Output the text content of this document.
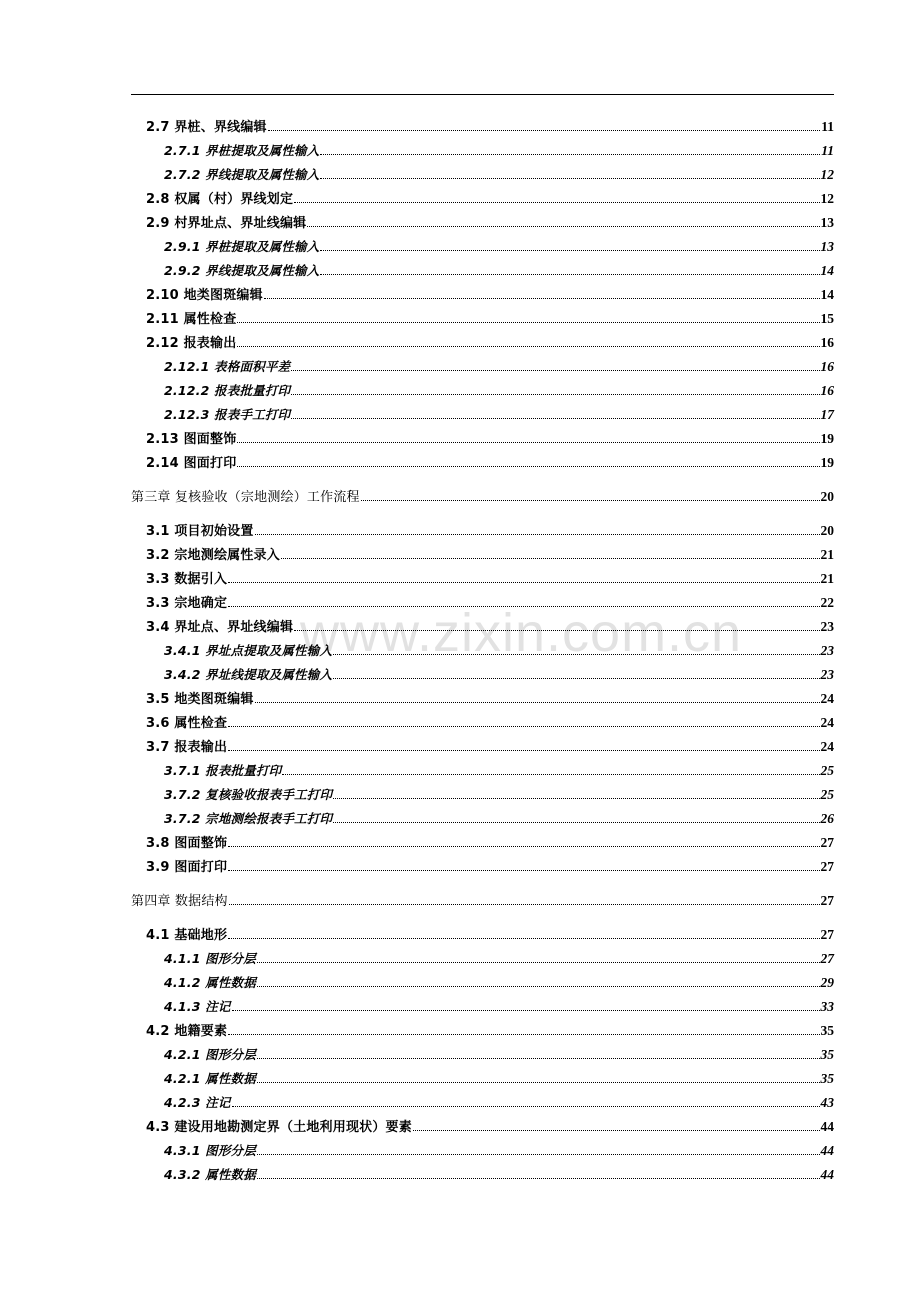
www.zixin.com.cn
2.7 界桩、界线编辑	11
2.7.1 界桩提取及属性输入	11
2.7.2 界线提取及属性输入	12
2.8 权属（村）界线划定	12
2.9 村界址点、界址线编辑	13
2.9.1 界桩提取及属性输入	13
2.9.2 界线提取及属性输入	14
2.10 地类图斑编辑	14
2.11 属性检查	15
2.12 报表输出	16
2.12.1 表格面积平差	16
2.12.2 报表批量打印	16
2.12.3 报表手工打印	17
2.13 图面整饰	19
2.14 图面打印	19
第三章 复核验收（宗地测绘）工作流程	20
3.1 项目初始设置	20
3.2 宗地测绘属性录入	21
3.3 数据引入	21
3.3 宗地确定	22
3.4 界址点、界址线编辑	23
3.4.1 界址点提取及属性输入	23
3.4.2 界址线提取及属性输入	23
3.5 地类图斑编辑	24
3.6 属性检查	24
3.7 报表输出	24
3.7.1 报表批量打印	25
3.7.2 复核验收报表手工打印	25
3.7.2 宗地测绘报表手工打印	26
3.8 图面整饰	27
3.9 图面打印	27
第四章 数据结构	27
4.1 基础地形	27
4.1.1 图形分层	27
4.1.2 属性数据	29
4.1.3 注记	33
4.2 地籍要素	35
4.2.1 图形分层	35
4.2.1 属性数据	35
4.2.3 注记	43
4.3 建设用地勘测定界（土地利用现状）要素	44
4.3.1 图形分层	44
4.3.2 属性数据	44
